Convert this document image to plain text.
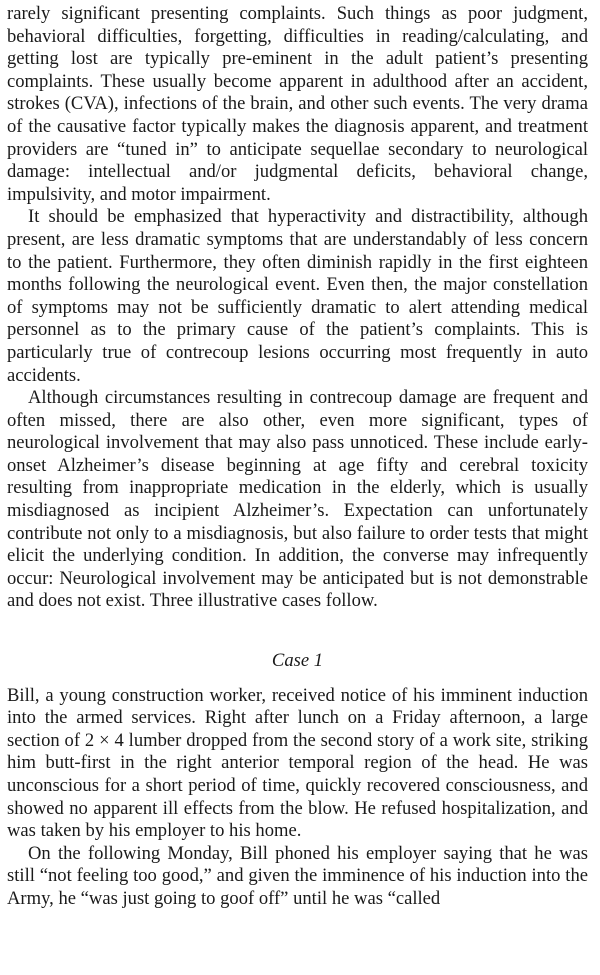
rarely significant presenting complaints. Such things as poor judgment, behavioral difficulties, forgetting, difficulties in reading/calculating, and getting lost are typically pre-eminent in the adult patient’s presenting complaints. These usually become apparent in adulthood after an accident, strokes (CVA), infections of the brain, and other such events. The very drama of the causative factor typically makes the diagnosis apparent, and treatment providers are “tuned in” to anticipate sequellae secondary to neurological damage: intellectual and/or judgmental deficits, behavioral change, impulsivity, and motor impairment.

It should be emphasized that hyperactivity and distractibility, although present, are less dramatic symptoms that are understandably of less concern to the patient. Furthermore, they often diminish rapidly in the first eighteen months following the neurological event. Even then, the major constellation of symptoms may not be sufficiently dramatic to alert attending medical personnel as to the primary cause of the patient’s complaints. This is particularly true of contrecoup lesions occurring most frequently in auto accidents.

Although circumstances resulting in contrecoup damage are frequent and often missed, there are also other, even more significant, types of neurological involvement that may also pass unnoticed. These include early-onset Alzheimer’s disease beginning at age fifty and cerebral toxicity resulting from inappropriate medication in the elderly, which is usually misdiagnosed as incipient Alzheimer’s. Expectation can unfortunately contribute not only to a misdiagnosis, but also failure to order tests that might elicit the underlying condition. In addition, the converse may infrequently occur: Neurological involvement may be anticipated but is not demonstrable and does not exist. Three illustrative cases follow.

Case 1

Bill, a young construction worker, received notice of his imminent induction into the armed services. Right after lunch on a Friday afternoon, a large section of 2 × 4 lumber dropped from the second story of a work site, striking him butt-first in the right anterior temporal region of the head. He was unconscious for a short period of time, quickly recovered consciousness, and showed no apparent ill effects from the blow. He refused hospitalization, and was taken by his employer to his home.

On the following Monday, Bill phoned his employer saying that he was still “not feeling too good,” and given the imminence of his induction into the Army, he “was just going to goof off” until he was “called
